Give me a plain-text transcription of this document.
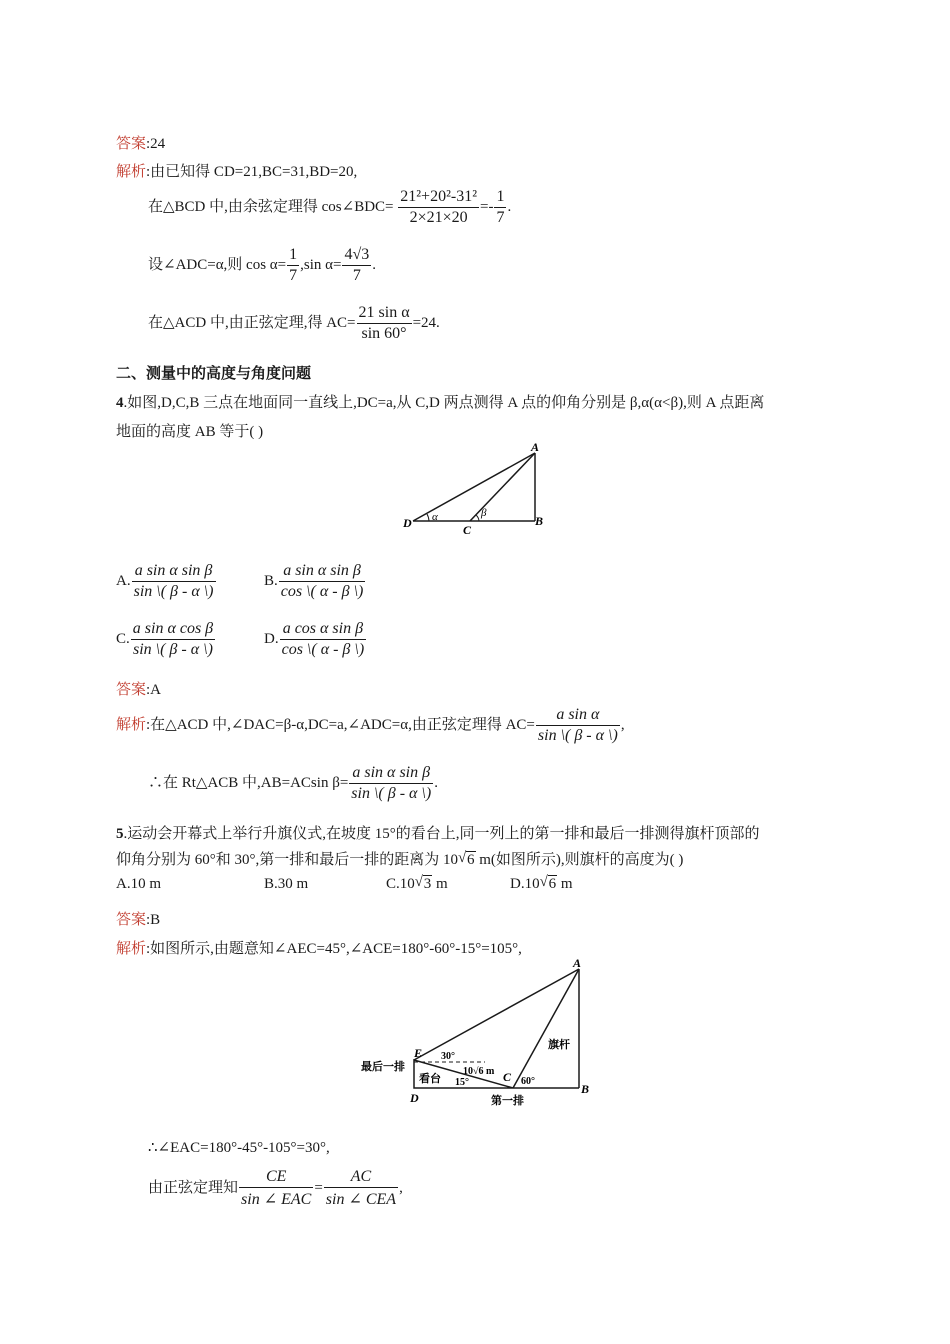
答案:24
解析:由已知得 CD=21,BC=31,BD=20,
在△BCD 中,由余弦定理得 cos∠BDC= $\frac{\text{21²+20²-31²}}{2\times 21\times 20} =- \frac{1}{7}$ .
设∠ADC=α,则 $\cos \alpha= \frac{1}{7} ,\sin$ $\alpha= \frac{4√3}{7}$ .
在△ACD 中,由正弦定理,得 $AC= \frac{\text{21 sin α}}{\sin 60^\circ} =24$.
二、测量中的高度与角度问题
4.如图,D,C,B 三点在地面同一直线上,DC=a,从 C,D 两点测得 A 点的仰角分别是 β,α(α<β),则 A 点距离
地面的高度 AB 等于( )
A
B
C
D α	β
A. $\frac{\text{a sin α sin β}}{\sin \backslash( \beta - \alpha \backslash)}$	B. $\frac{\text{a sin α sin β}}{\cos \backslash( \alpha - \beta \backslash)}$
C. $\frac{\text{a sin α cos β}}{\sin \backslash( \beta - \alpha \backslash)}$	D. $\frac{\text{a cos α sin β}}{\cos \backslash( \alpha - \beta \backslash)}$
答案:A
解析:在△ACD 中,∠DAC=β-α,DC=a,∠ADC=α,由正弦定理得 $AC= \frac{\text{a sin α}}{\sin \backslash( \beta - \alpha \backslash)}$ ,
∴在 Rt△ACB 中,AB=ACsin $\beta= \frac{\text{a sin α sin β}}{\sin \backslash( \beta - \alpha \backslash)}$ .
5.运动会开幕式上举行升旗仪式,在坡度 15°的看台上,同一列上的第一排和最后一排测得旗杆顶部的
仰角分别为 60°和 30°,第一排和最后一排的距离为 10 √ 6 m(如图所示),则旗杆的高度为( )
A.10 m	B.30 m	C.10 √ 3 m	D.10 √ 6 m
答案:B
解析:如图所示,由题意知∠AEC=45°,∠ACE=180°-60°-15°=105°,
A
B
C
D
E
旗杆
最后一排
看台
第一排
30°
15°	60°
10√6 m
∴∠EAC=180°-45°-105°=30°,
由正弦定理知 $\frac{CE}{\text{sin ∠ EAC}} = \frac{AC}{\text{sin ∠ CEA}}$ ,
